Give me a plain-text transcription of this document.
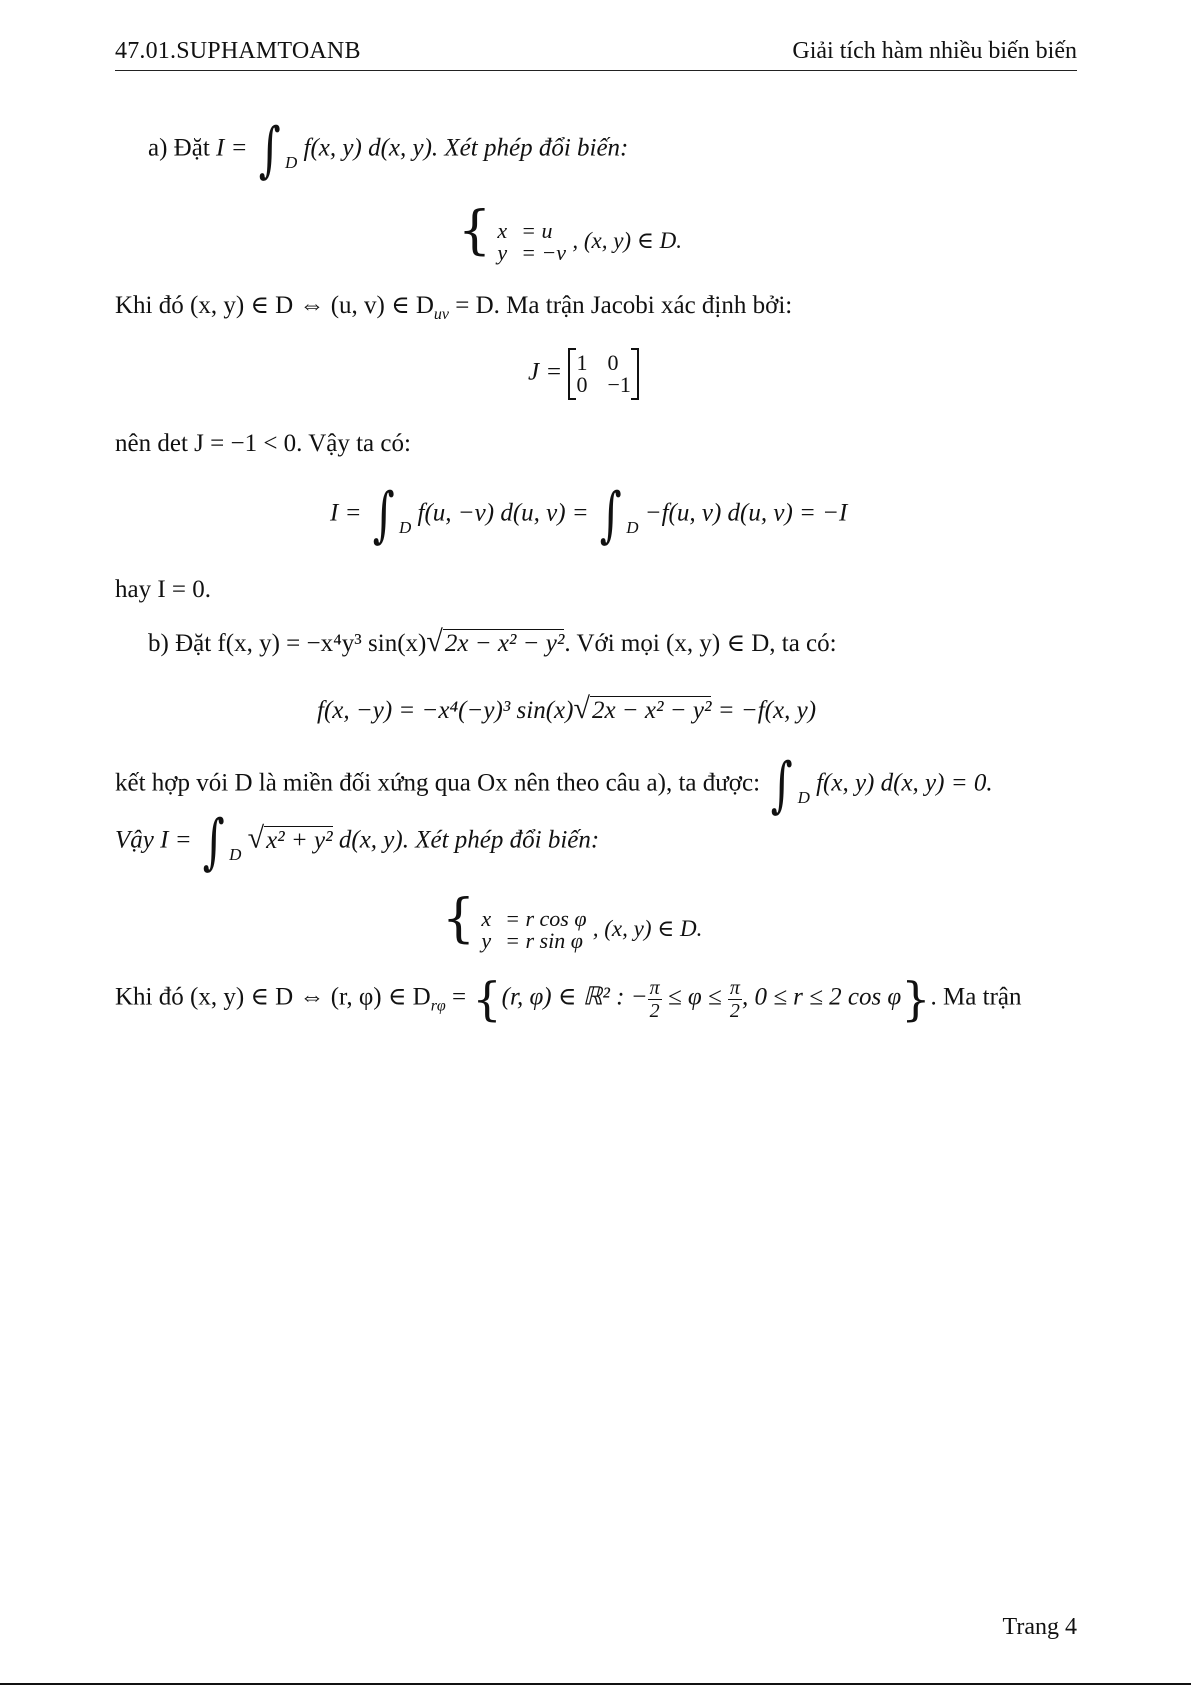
47.01.SUPHAMTOANB	Giải tích hàm nhiều biến biến
a) Đặt I = ∫ $_D$ f(x, y) d(x, y). Xét phép đổi biến:
{ x = u
y = −v , (x, y) ∈ D.
Khi đó (x, y) ∈ D ⇔ (u, v) ∈ $D_{uv} = D$. Ma trận Jacobi xác định bởi:
J = 1 0
0 −1
nên det J = −1 < 0. Vậy ta có:
I = ∫ $_D$ f(u, −v) d(u, v) = ∫ $_D$ −f(u, v) d(u, v) = −I
hay I = 0.
b) Đặt f(x, y) = −x⁴y³ sin(x)√2x − x² − y². Với mọi (x, y) ∈ D, ta có:
f(x, −y) = −x⁴(−y)³ sin(x)√2x − x² − y² = −f(x, y)
kết hợp vói D là miền đối xứng qua Ox nên theo câu a), ta được: ∫ $_D$ f(x, y) d(x, y) = 0.
Vậy I = ∫ $_D$ √x² + y² d(x, y). Xét phép đổi biến:
{ x = r cos φ
y = r sin φ , (x, y) ∈ D.
Khi đó (x, y) ∈ D ⇔ (r, φ) ∈ $D_{r\varphi} = \{(r$, φ) ∈ ℝ² : − $\frac{\pi}{2} \le \varphi \le \frac{\pi}{2}$ , 0 ≤ r ≤ 2 cos φ}. Ma trận
Trang 4
